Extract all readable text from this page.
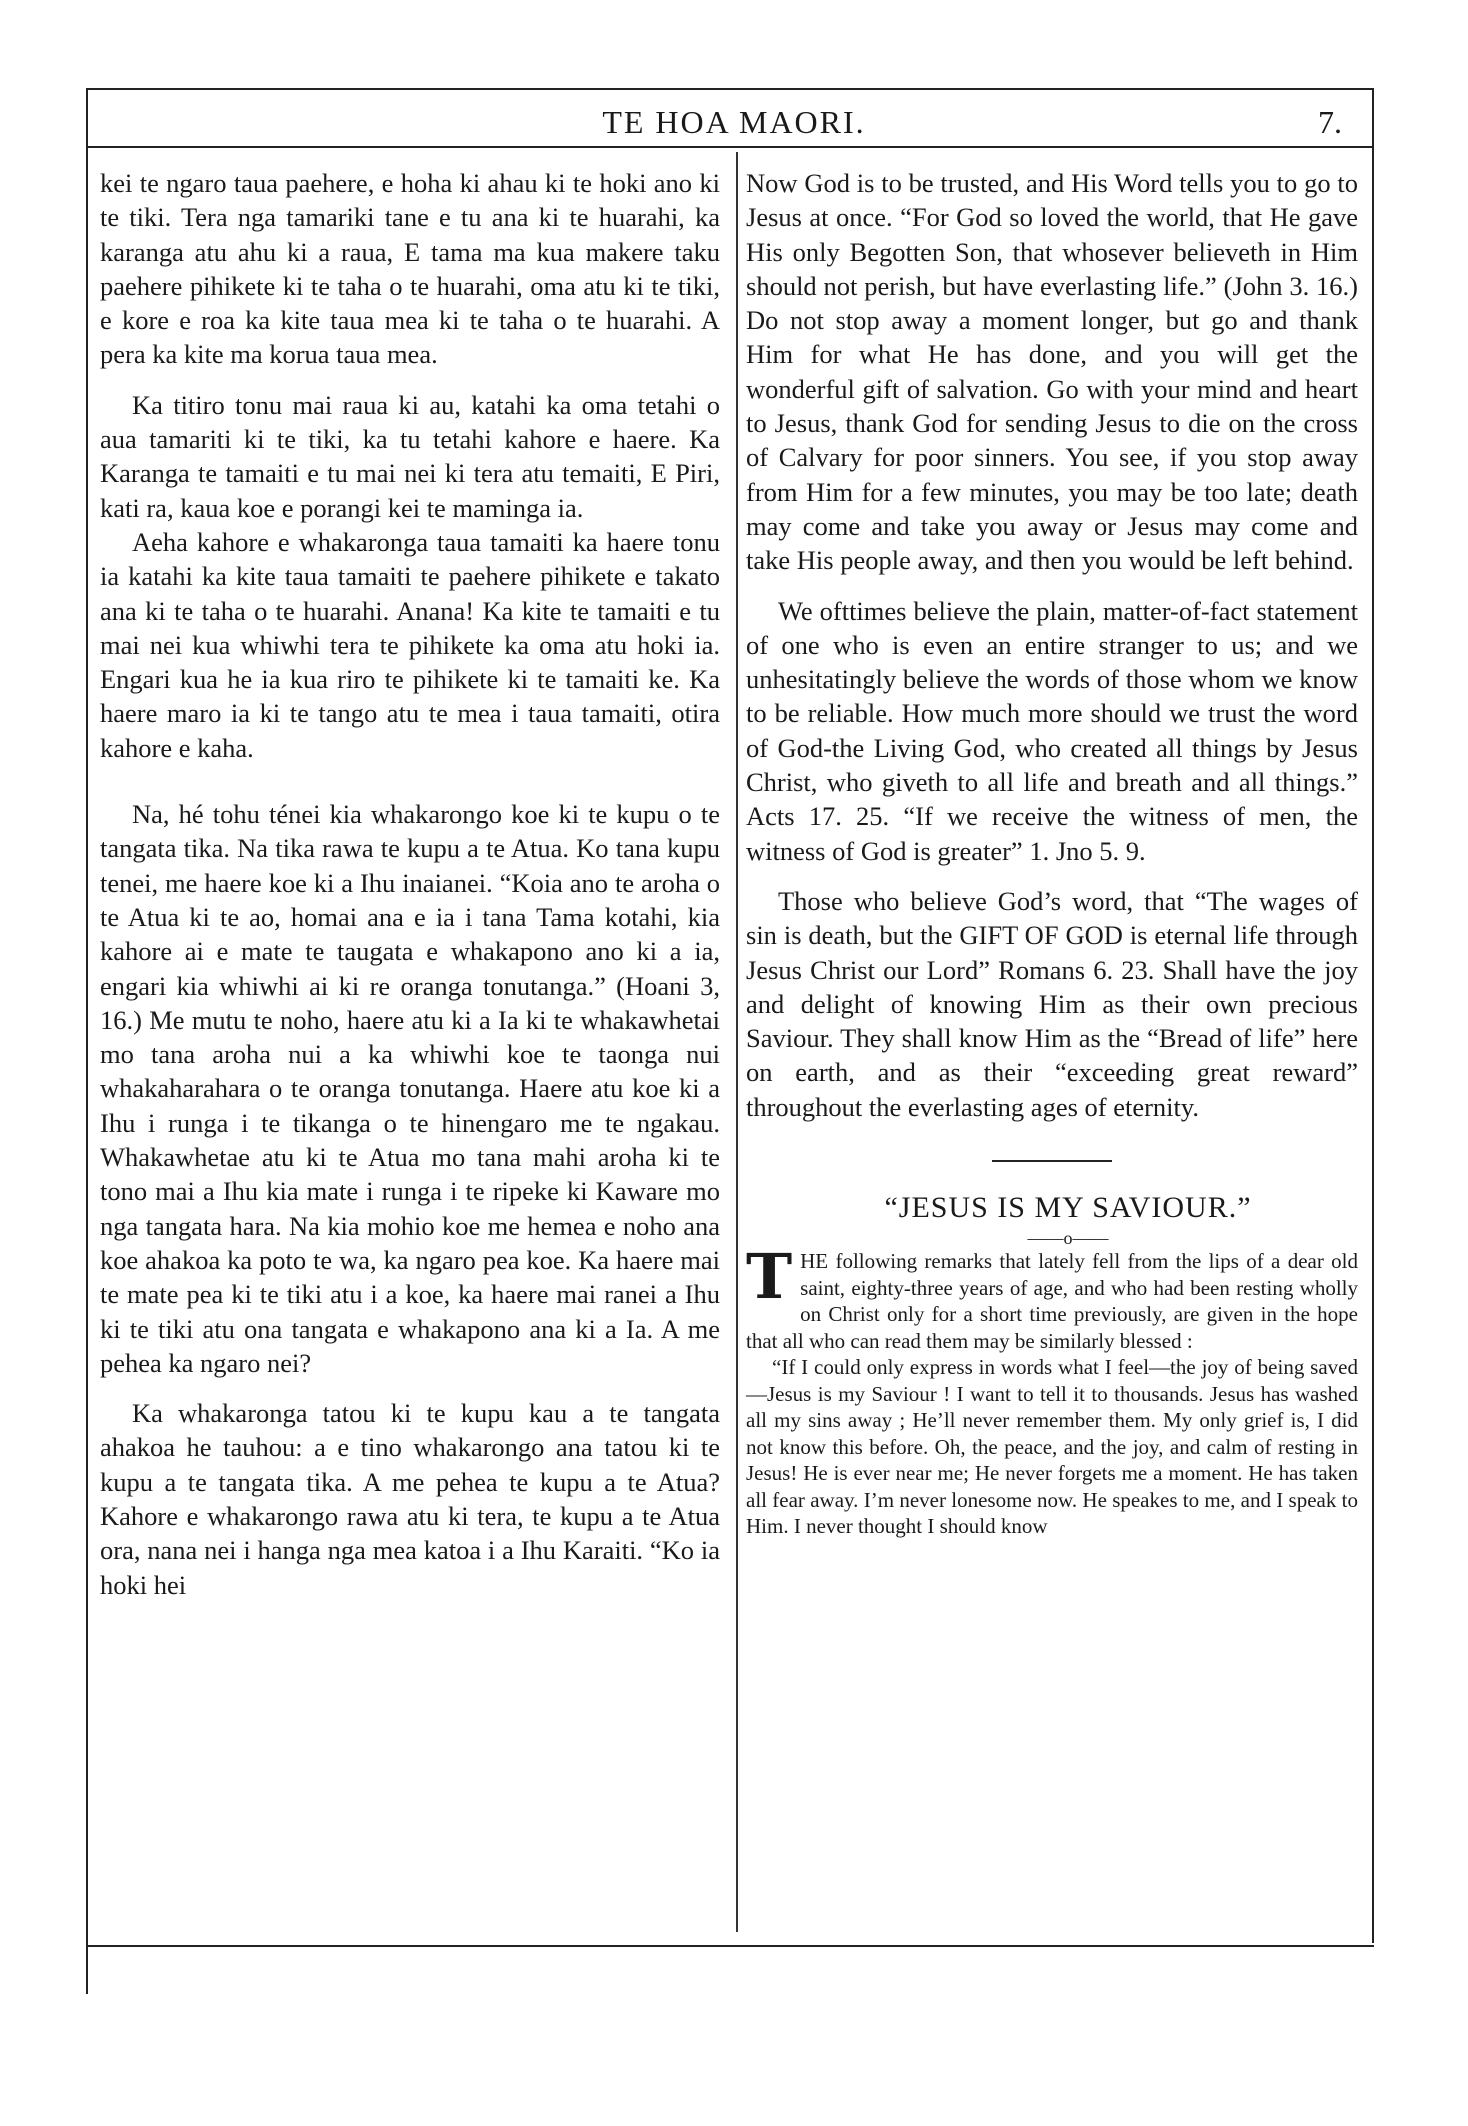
TE HOA MAORI.	7.

kei te ngaro taua paehere, e hoha ki ahau ki te hoki ano ki te tiki. Tera nga tamariki tane e tu ana ki te huarahi, ka karanga atu ahu ki a raua, E tama ma kua makere taku paehere pihikete ki te taha o te huarahi, oma atu ki te tiki, e kore e roa ka kite taua mea ki te taha o te huarahi. A pera ka kite ma korua taua mea.

Ka titiro tonu mai raua ki au, katahi ka oma tetahi o aua tamariti ki te tiki, ka tu tetahi kahore e haere. Ka Karanga te tamaiti e tu mai nei ki tera atu temaiti, E Piri, kati ra, kaua koe e porangi kei te maminga ia.

Aeha kahore e whakaronga taua tamaiti ka haere tonu ia katahi ka kite taua tamaiti te paehere pihikete e takato ana ki te taha o te huarahi. Anana! Ka kite te tamaiti e tu mai nei kua whiwhi tera te pihikete ka oma atu hoki ia. Engari kua he ia kua riro te pihikete ki te tamaiti ke. Ka haere maro ia ki te tango atu te mea i taua tamaiti, otira kahore e kaha.

Na, hé tohu ténei kia whakarongo koe ki te kupu o te tangata tika. Na tika rawa te kupu a te Atua. Ko tana kupu tenei, me haere koe ki a Ihu inaianei. “Koia ano te aroha o te Atua ki te ao, homai ana e ia i tana Tama kotahi, kia kahore ai e mate te taugata e whakapono ano ki a ia, engari kia whiwhi ai ki re oranga tonutanga.” (Hoani 3, 16.) Me mutu te noho, haere atu ki a Ia ki te whakawhetai mo tana aroha nui a ka whiwhi koe te taonga nui whakaharahara o te oranga tonutanga. Haere atu koe ki a Ihu i runga i te tikanga o te hinengaro me te ngakau. Whakawhetae atu ki te Atua mo tana mahi aroha ki te tono mai a Ihu kia mate i runga i te ripeke ki Kaware mo nga tangata hara. Na kia mohio koe me hemea e noho ana koe ahakoa ka poto te wa, ka ngaro pea koe. Ka haere mai te mate pea ki te tiki atu i a koe, ka haere mai ranei a Ihu ki te tiki atu ona tangata e whakapono ana ki a Ia. A me pehea ka ngaro nei?

Ka whakaronga tatou ki te kupu kau a te tangata ahakoa he tauhou: a e tino whakarongo ana tatou ki te kupu a te tangata tika. A me pehea te kupu a te Atua? Kahore e whakarongo rawa atu ki tera, te kupu a te Atua ora, nana nei i hanga nga mea katoa i a Ihu Karaiti. “Ko ia hoki hei

Now God is to be trusted, and His Word tells you to go to Jesus at once. “For God so loved the world, that He gave His only Begotten Son, that whosever believeth in Him should not perish, but have everlasting life.” (John 3. 16.) Do not stop away a moment longer, but go and thank Him for what He has done, and you will get the wonderful gift of salvation. Go with your mind and heart to Jesus, thank God for sending Jesus to die on the cross of Calvary for poor sinners. You see, if you stop away from Him for a few minutes, you may be too late; death may come and take you away or Jesus may come and take His people away, and then you would be left behind.

We ofttimes believe the plain, matter-of-fact statement of one who is even an entire stranger to us; and we unhesitatingly believe the words of those whom we know to be reliable. How much more should we trust the word of God-the Living God, who created all things by Jesus Christ, who giveth to all life and breath and all things.” Acts 17. 25. “If we receive the witness of men, the witness of God is greater” 1. Jno 5. 9.

Those who believe God’s word, that “The wages of sin is death, but the GIFT OF GOD is eternal life through Jesus Christ our Lord” Romans 6. 23. Shall have the joy and delight of knowing Him as their own precious Saviour. They shall know Him as the “Bread of life” here on earth, and as their “exceeding great reward” throughout the everlasting ages of eternity.

“JESUS IS MY SAVIOUR.”

——o——

THE following remarks that lately fell from the lips of a dear old saint, eighty-three years of age, and who had been resting wholly on Christ only for a short time previously, are given in the hope that all who can read them may be similarly blessed :

“If I could only express in words what I feel—the joy of being saved—Jesus is my Saviour ! I want to tell it to thousands. Jesus has washed all my sins away ; He’ll never remember them. My only grief is, I did not know this before. Oh, the peace, and the joy, and calm of resting in Jesus! He is ever near me; He never forgets me a moment. He has taken all fear away. I’m never lonesome now. He speakes to me, and I speak to Him. I never thought I should know
